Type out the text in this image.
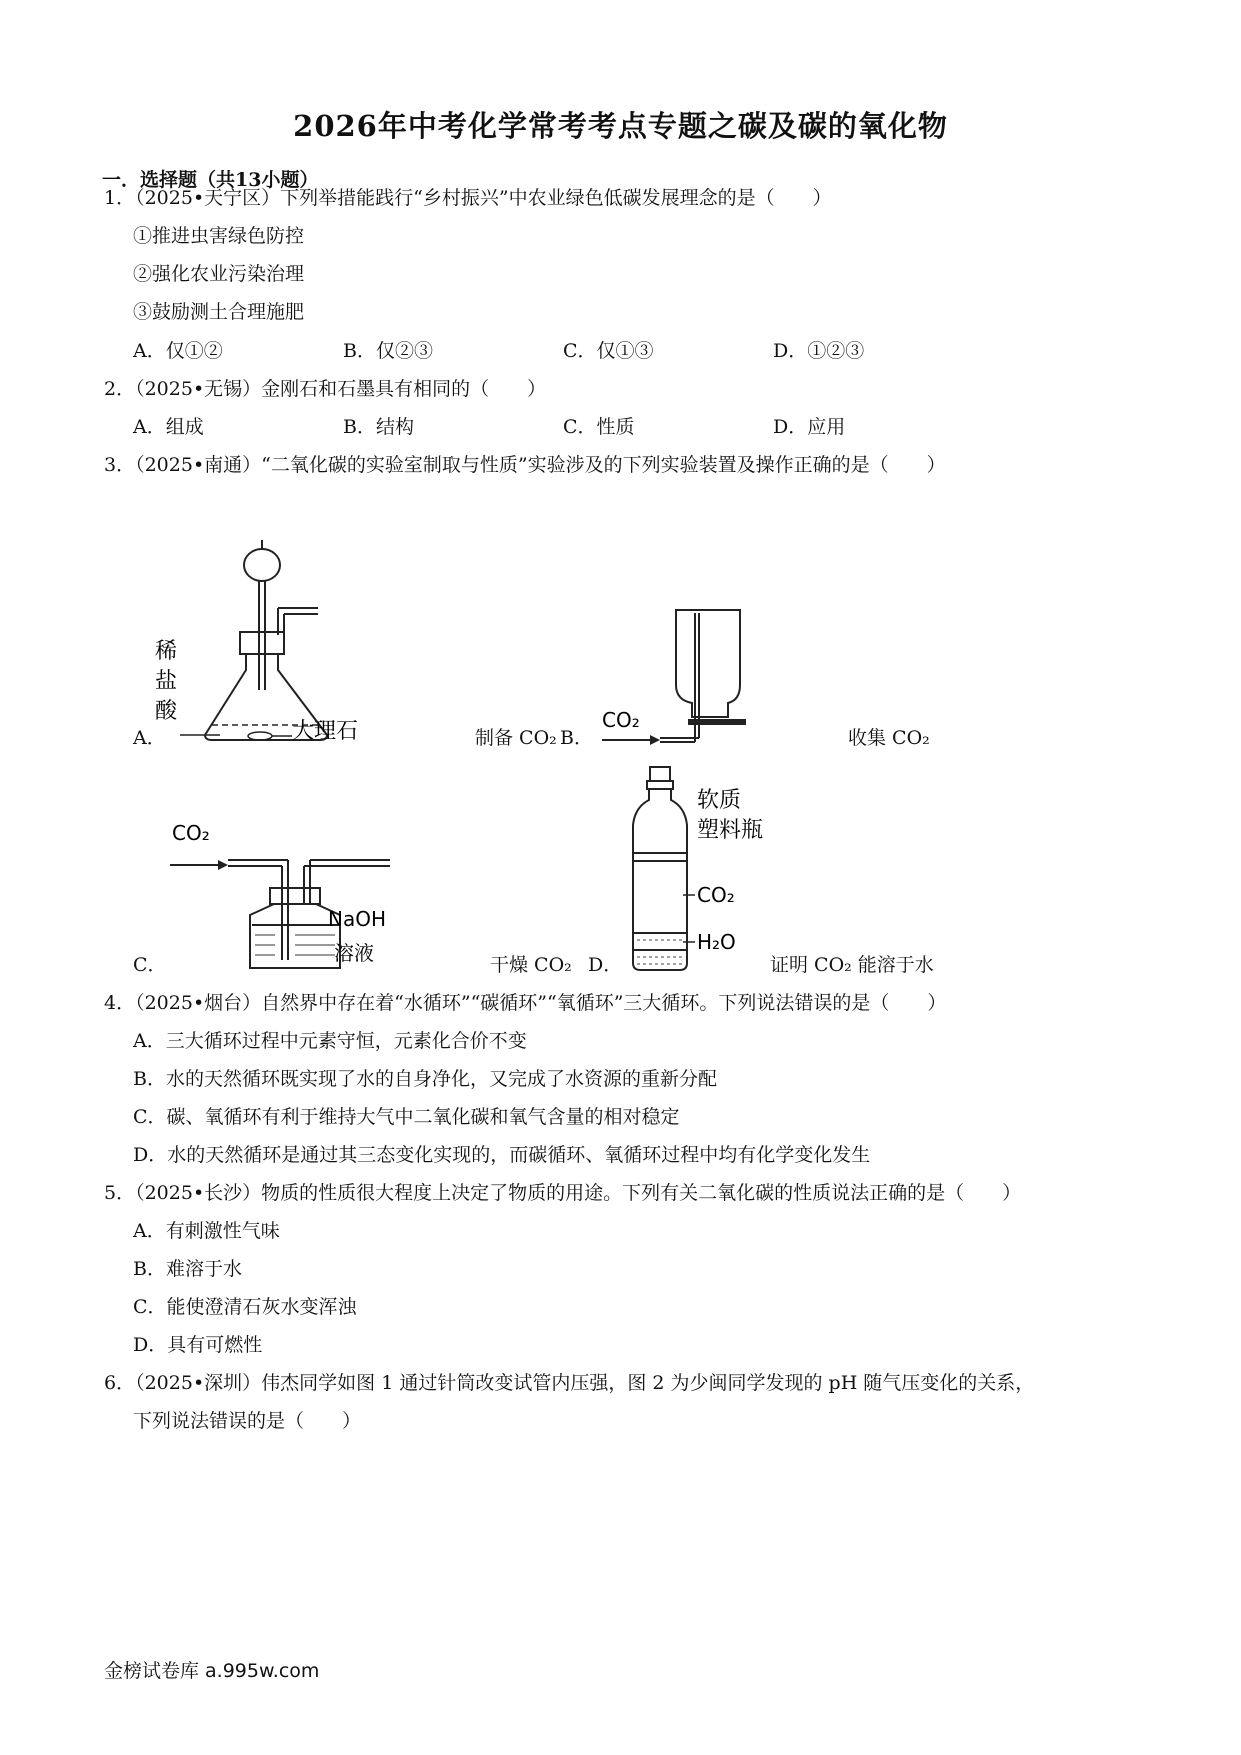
2026年中考化学常考考点专题之碳及碳的氧化物
一．选择题（共13小题）
1．（2025•天宁区）下列举措能践行“乡村振兴”中农业绿色低碳发展理念的是（　　）
①推进虫害绿色防控
②强化农业污染治理
③鼓励测土合理施肥
A．仅①②	B．仅②③	C．仅①③	D．①②③
2．（2025•无锡）金刚石和石墨具有相同的（　　）
A．组成	B．结构	C．性质	D．应用
3．（2025•南通）“二氧化碳的实验室制取与性质”实验涉及的下列实验装置及操作正确的是（　　）
稀
盐
酸
大理石
A．	制备 CO₂
CO₂
B．	收集 CO₂
CO₂
NaOH
溶液
C．	干燥 CO₂
软质
塑料瓶
CO₂
H₂O
D．	证明 CO₂ 能溶于水
4．（2025•烟台）自然界中存在着“水循环”“碳循环”“氧循环”三大循环。下列说法错误的是（　　）
A．三大循环过程中元素守恒，元素化合价不变
B．水的天然循环既实现了水的自身净化，又完成了水资源的重新分配
C．碳、氧循环有利于维持大气中二氧化碳和氧气含量的相对稳定
D．水的天然循环是通过其三态变化实现的，而碳循环、氧循环过程中均有化学变化发生
5．（2025•长沙）物质的性质很大程度上决定了物质的用途。下列有关二氧化碳的性质说法正确的是（　　）
A．有刺激性气味
B．难溶于水
C．能使澄清石灰水变浑浊
D．具有可燃性
6．（2025•深圳）伟杰同学如图 1 通过针筒改变试管内压强，图 2 为少闽同学发现的 pH 随气压变化的关系，
下列说法错误的是（　　）
金榜试卷库 a.995w.com
